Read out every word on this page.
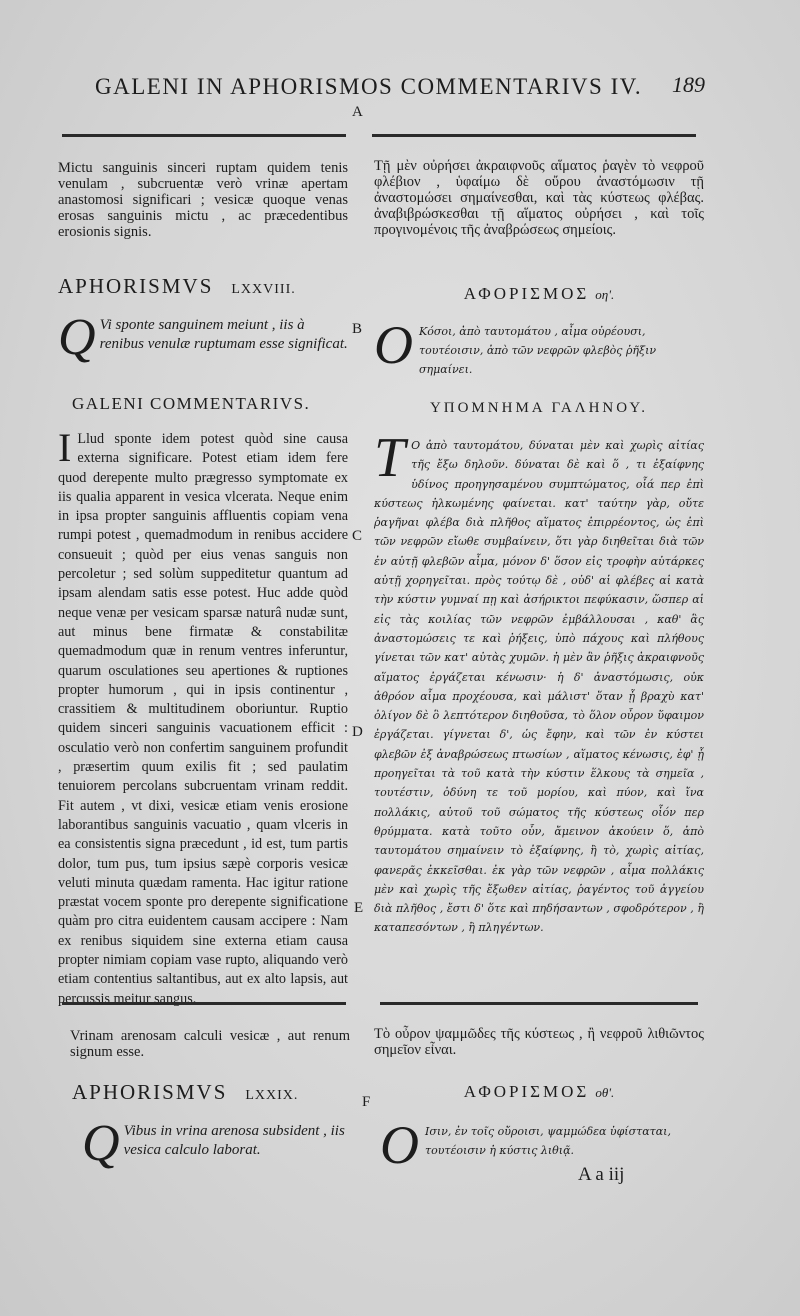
GALENI IN APHORISMOS COMMENTARIVS IV.	189
A
B
C
D
E
F
Mictu sanguinis sinceri ruptam quidem tenis venulam , subcruentæ verò vrinæ apertam anastomosi significari ; vesicæ quoque venas erosas sanguinis mictu , ac præcedentibus erosionis signis.
Τῇ μὲν οὐρήσει ἀκραιφνοῦς αἵματος ῥαγὲν τὸ νεφροῦ φλέβιον , ὑφαίμω δὲ οὔρου ἀναστόμωσιν τῇ ἀναστομώσει σημαίνεσθαι, καὶ τὰς κύστεως φλέβας. ἀναβιβρώσκεσθαι τῇ αἵματος οὐρήσει , καὶ τοῖς προγινομένοις τῆς ἀναβρώσεως σημείοις.
APHORISMVS LXXVIII.	ΑΦΟΡΙΣΜΟΣ οη'.
Q Vi sponte sanguinem meiunt , iis à renibus venulæ ruptuтam esse significat. Ο Κόσοι, ἀπὸ ταυτομάτου , αἷμα οὐρέουσι, τουτέοισιν, ἀπὸ τῶν νεφρῶν φλεβὸς ῥῆξιν σημαίνει.
GALENI COMMENTARIVS.	ΥΠΟΜΝΗΜΑ ΓΑΛΗΝΟΥ.
I Llud sponte idem potest quòd sine causa externa significare. Potest etiam idem fere quod derepente multo prægressо symptomate ex iis qualia apparent in vesica vlcerata. Neque enim in ipsa propter sanguinis affluentis copiam vena rumpi potest , quemadmodum in renibus accidere consueuit ; quòd per eius venas sanguis non percoletur ; sed solùm suppeditetur quantum ad ipsam alendam satis esse potest. Huc adde quòd neque venæ per vesicam sparsæ naturâ nudæ sunt, aut minus bene firmatæ & constabilitæ quemadmodum quæ in renum ventres inferuntur, quarum osculationes seu apertiones & ruptiones propter humorum , qui in ipsis continentur , crassitiem & multitudinem oboriuntur. Ruptio quidem sinceri sanguinis vacuationem efficit : osculatio verò non confertim sanguinem profundit , præsertim quum exilis fit ; sed paulatim tenuiorem percolans subcruentam vrinam reddit. Fit autem , vt dixi, vesicæ etiam venis erosione laborantibus sanguinis vacuatio , quam vlceris in ea consistentis signa præcedunt , id est, tum partis dolor, tum pus, tum ipsius sæpè corporis vesicæ veluti minuta quædam ramenta. Hac igitur ratione præstat vocem sponte pro derepente significatione quàm pro citra euidentem causam accipere : Nam ex renibus siquidem sine externa etiam causa propter nimiam copiam vase rupto, aliquando verò etiam contentius saltantibus, aut ex alto lapsis, aut percussis meitur sangus.
Τ Ο ἀπὸ ταυτομάτου, δύναται μὲν καὶ χωρὶς αἰτίας τῆς ἔξω δηλοῦν. δύναται δὲ καὶ ὅ , τι ἐξαίφνης ὑδίνος προηγησαμένου συμπτώματος, οἷά περ ἐπὶ κύστεως ἡλκωμένης φαίνεται. κατ' ταύτην γὰρ, οὔτε ῥαγῆναι φλέβα διὰ πλῆθος αἵματος ἐπιρρέοντος, ὡς ἐπὶ τῶν νεφρῶν εἴωθε συμβαίνειν, ὅτι γὰρ διηθεῖται διὰ τῶν ἐν αὐτῇ φλεβῶν αἷμα, μόνον δ' ὅσον εἰς τροφὴν αὐτάρκες αὐτῇ χορηγεῖται. πρὸς τούτῳ δὲ , οὐδ' αἱ φλέβες αἱ κατὰ τὴν κύστιν γυμναί πῃ καὶ ἀσήρικτοι πεφύκασιν, ὥσπερ αἱ εἰς τὰς κοιλίας τῶν νεφρῶν ἐμβάλλουσαι , καθ' ἃς ἀναστομώσεις τε καὶ ῥήξεις, ὑπὸ πάχους καὶ πλήθους γίνεται τῶν κατ' αὐτὰς χυμῶν. ἡ μὲν ἂν ῥῆξις ἀκραιφνοῦς αἵματος ἐργάζεται κένωσιν· ἡ δ' ἀναστόμωσις, οὐκ ἀθρόον αἷμα προχέουσα, καὶ μάλιστ' ὅταν ᾖ βραχὺ κατ' ὀλίγον δὲ ὃ λεπτότερον διηθοῦσα, τὸ ὅλον οὖρον ὕφαιμον ἐργάζεται. γίγνεται δ', ὡς ἔφην, καὶ τῶν ἐν κύστει φλεβῶν ἐξ ἀναβρώσεως πτωσίων , αἵματος κένωσις, ἐφ' ᾗ προηγεῖται τὰ τοῦ κατὰ τὴν κύστιν ἕλκους τὰ σημεῖα , τουτέστιν, ὀδύνη τε τοῦ μορίου, καὶ πύον, καὶ ἴνα πολλάκις, αὐτοῦ τοῦ σώματος τῆς κύστεως οἷόν περ θρύμματα. κατὰ τοῦτο οὖν, ἄμεινον ἀκούειν ὅ, ἀπὸ ταυτομάτου σημαίνειν τὸ ἐξαίφνης, ἢ τὸ, χωρὶς αἰτίας, φανερᾶς ἐκκεῖσθαι. ἐκ γὰρ τῶν νεφρῶν , αἷμα πολλάκις μὲν καὶ χωρὶς τῆς ἔξωθεν αἰτίας, ῥαγέντος τοῦ ἀγγείου διὰ πλῆθος , ἔστι δ' ὅτε καὶ πηδήσαντων , σφοδρότερον , ἢ καταπεσόντων , ἢ πληγέντων.
Vrinam arenosam calculi vesicæ , aut renum signum esse.
Τὸ οὖρον ψαμμῶδες τῆς κύστεως , ἢ νεφροῦ λιθιῶντος σημεῖον εἶναι.
APHORISMVS LXXIX.	ΑΦΟΡΙΣΜΟΣ οθ'.
Q Vibus in vrina arenosa subsident , iis vesica calculo laborat.	Ο Ισιν, ἐν τοῖς οὔροισι, ψαμμώδεα ὑφίσταται, τουτέοισιν ἡ κύστις λιθιᾷ.
A a iij
